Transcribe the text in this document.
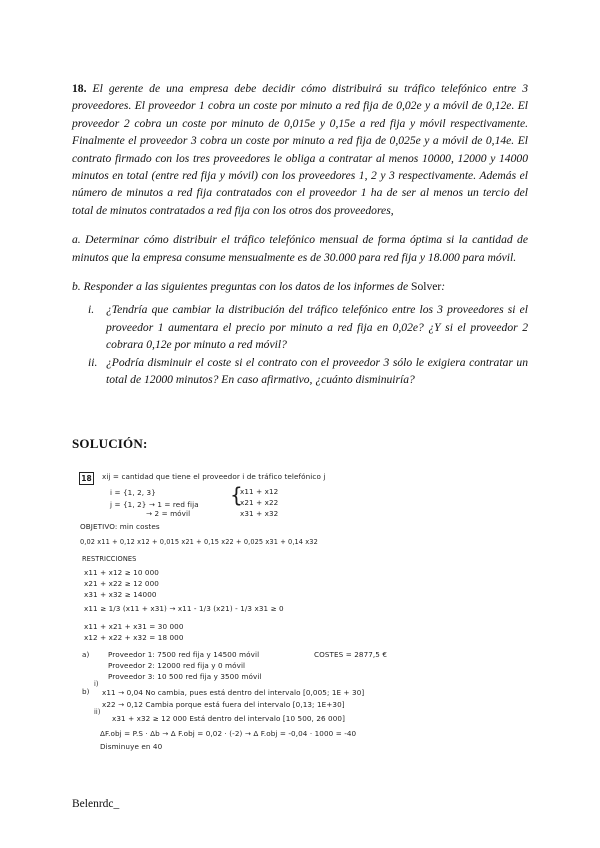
18. El gerente de una empresa debe decidir cómo distribuirá su tráfico telefónico entre 3 proveedores. El proveedor 1 cobra un coste por minuto a red fija de 0,02e y a móvil de 0,12e. El proveedor 2 cobra un coste por minuto de 0,015e y 0,15e a red fija y móvil respectivamente. Finalmente el proveedor 3 cobra un coste por minuto a red fija de 0,025e y a móvil de 0,14e. El contrato firmado con los tres proveedores le obliga a contratar al menos 10000, 12000 y 14000 minutos en total (entre red fija y móvil) con los proveedores 1, 2 y 3 respectivamente. Además el número de minutos a red fija contratados con el proveedor 1 ha de ser al menos un tercio del total de minutos contratados a red fija con los otros dos proveedores,

a. Determinar cómo distribuir el tráfico telefónico mensual de forma óptima si la cantidad de minutos que la empresa consume mensualmente es de 30.000 para red fija y 18.000 para móvil.

b. Responder a las siguientes preguntas con los datos de los informes de Solver:

i. ¿Tendría que cambiar la distribución del tráfico telefónico entre los 3 proveedores si el proveedor 1 aumentara el precio por minuto a red fija en 0,02e? ¿Y si el proveedor 2 cobrara 0,12e por minuto a red móvil?
ii. ¿Podría disminuir el coste si el contrato con el proveedor 3 sólo le exigiera contratar un total de 12000 minutos? En caso afirmativo, ¿cuánto disminuiría?
SOLUCIÓN:
18	xij = cantidad que tiene el proveedor i de tráfico telefónico j
i = {1, 2, 3}
j = {1, 2} → 1 = red fija
→ 2 = móvil
{
x11 + x12
x21 + x22
x31 + x32
OBJETIVO: min costes
0,02 x11 + 0,12 x12 + 0,015 x21 + 0,15 x22 + 0,025 x31 + 0,14 x32
RESTRICCIONES
x11 + x12 ≥ 10 000
x21 + x22 ≥ 12 000
x31 + x32 ≥ 14000
x11 ≥ 1/3 (x11 + x31) → x11 - 1/3 (x21) - 1/3 x31 ≥ 0
x11 + x21 + x31 = 30 000
x12 + x22 + x32 = 18 000
a)	Proveedor 1: 7500 red fija y 14500 móvil	COSTES = 2877,5 €
Proveedor 2: 12000 red fija y 0 móvil
Proveedor 3: 10 500 red fija y 3500 móvil
b)
i)
x11 → 0,04 No cambia, pues está dentro del intervalo [0,005; 1E + 30]
x22 → 0,12 Cambia porque está fuera del intervalo [0,13; 1E+30]
ii)
x31 + x32 ≥ 12 000 Está dentro del intervalo [10 500, 26 000]
ΔF.obj = P.S · Δb → Δ F.obj = 0,02 · (-2) → Δ F.obj = -0,04 · 1000 = -40
Disminuye en 40
Belenrdc_
